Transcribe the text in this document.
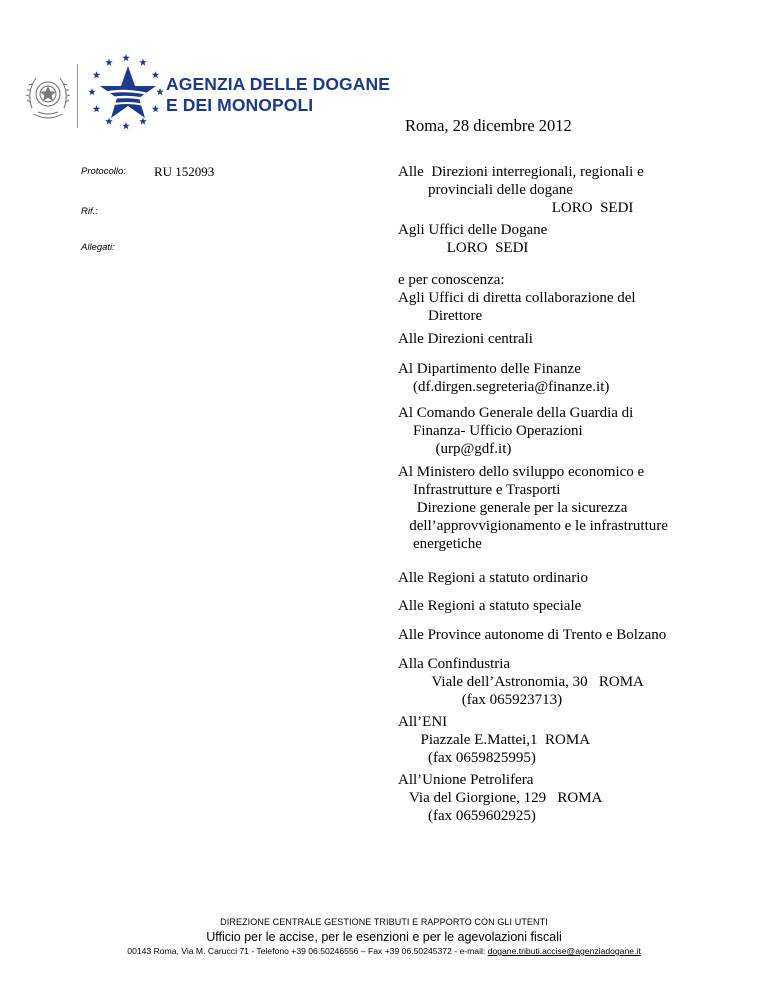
AGENZIA DELLE DOGANE
E DEI MONOPOLI
Roma, 28 dicembre 2012
Protocollo: RU 152093
Rif.:
Allegati:
Alle  Direzioni interregionali, regionali e
provinciali delle dogane
LORO  SEDI
Agli Uffici delle Dogane
LORO  SEDI
e per conoscenza:
Agli Uffici di diretta collaborazione del
Direttore
Alle Direzioni centrali
Al Dipartimento delle Finanze
(df.dirgen.segreteria@finanze.it)
Al Comando Generale della Guardia di
Finanza- Ufficio Operazioni
(urp@gdf.it)
Al Ministero dello sviluppo economico e
Infrastrutture e Trasporti
Direzione generale per la sicurezza
dell’approvvigionamento e le infrastrutture
energetiche
Alle Regioni a statuto ordinario
Alle Regioni a statuto speciale
Alle Province autonome di Trento e Bolzano
Alla Confindustria
Viale dell’Astronomia, 30   ROMA
(fax 065923713)
All’ENI
Piazzale E.Mattei,1  ROMA
(fax 0659825995)
All’Unione Petrolifera
Via del Giorgione, 129   ROMA
(fax 0659602925)
DIREZIONE CENTRALE GESTIONE TRIBUTI E RAPPORTO CON GLI UTENTI
Ufficio per le accise, per le esenzioni e per le agevolazioni fiscali
00143 Roma, Via M. Carucci 71 - Telefono +39 06.50246556 – Fax +39 06.50245372 - e-mail: dogane.tributi.accise@agenziadogane.it
